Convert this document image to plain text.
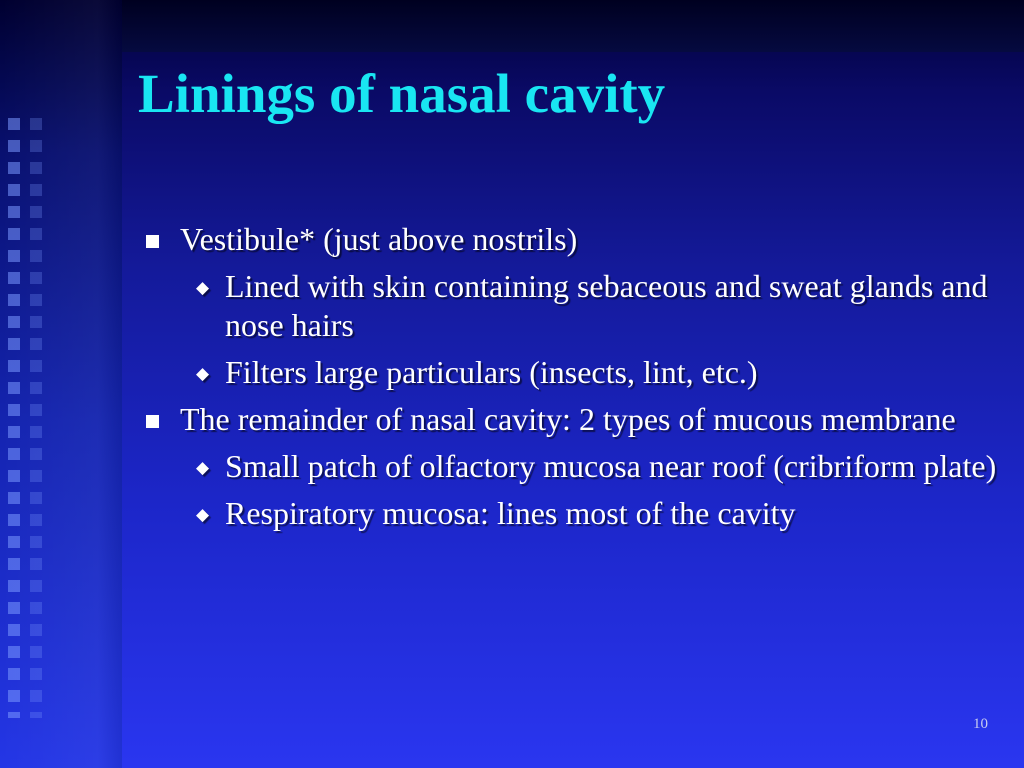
Linings of nasal cavity
Vestibule* (just above nostrils)
◆ Lined with skin containing sebaceous and sweat glands and nose hairs
◆ Filters large particulars (insects, lint, etc.)
The remainder of nasal cavity: 2 types of mucous membrane
◆ Small patch of olfactory mucosa near roof (cribriform plate)
◆ Respiratory mucosa: lines most of the cavity
10
